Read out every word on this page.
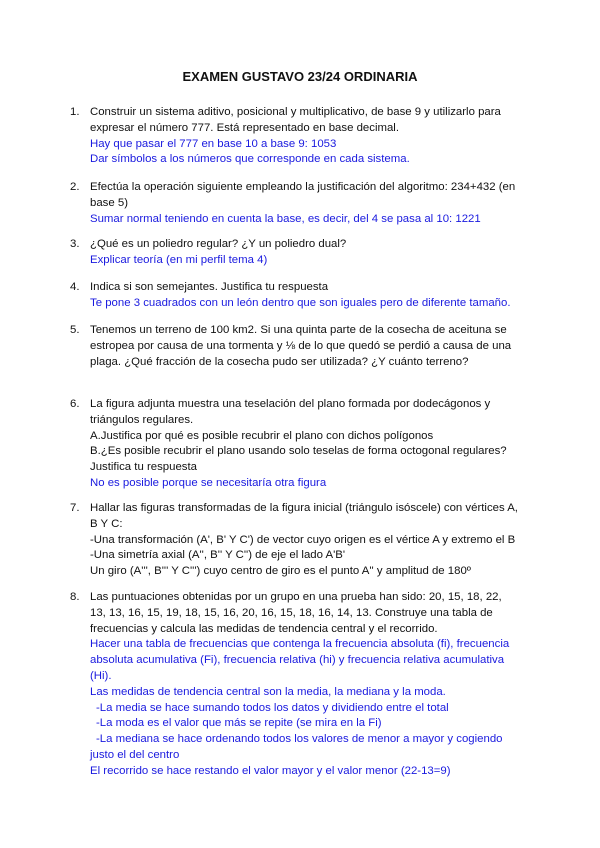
EXAMEN GUSTAVO 23/24 ORDINARIA
1. Construir un sistema aditivo, posicional y multiplicativo, de base 9 y utilizarlo para

expresar el número 777. Está representado en base decimal.

Hay que pasar el 777 en base 10 a base 9: 1053

Dar símbolos a los números que corresponde en cada sistema.

2. Efectúa la operación siguiente empleando la justificación del algoritmo: 234+432 (en

base 5)

Sumar normal teniendo en cuenta la base, es decir, del 4 se pasa al 10: 1221

3. ¿Qué es un poliedro regular? ¿Y un poliedro dual?

Explicar teoría (en mi perfil tema 4)

4. Indica si son semejantes. Justifica tu respuesta

Te pone 3 cuadrados con un león dentro que son iguales pero de diferente tamaño.

5. Tenemos un terreno de 100 km2. Si una quinta parte de la cosecha de aceituna se

estropea por causa de una tormenta y ⅛ de lo que quedó se perdió a causa de una

plaga. ¿Qué fracción de la cosecha pudo ser utilizada? ¿Y cuánto terreno?

6. La figura adjunta muestra una teselación del plano formada por dodecágonos y

triángulos regulares.

A.Justifica por qué es posible recubrir el plano con dichos polígonos

B.¿Es posible recubrir el plano usando solo teselas de forma octogonal regulares?

Justifica tu respuesta

No es posible porque se necesitaría otra figura

7. Hallar las figuras transformadas de la figura inicial (triángulo isóscele) con vértices A,

B Y C:

-Una transformación (A', B' Y C') de vector cuyo origen es el vértice A y extremo el B

-Una simetría axial (A'', B'' Y C'') de eje el lado A'B'

Un giro (A''', B''' Y C''') cuyo centro de giro es el punto A'' y amplitud de 180º

8. Las puntuaciones obtenidas por un grupo en una prueba han sido: 20, 15, 18, 22,

13, 13, 16, 15, 19, 18, 15, 16, 20, 16, 15, 18, 16, 14, 13. Construye una tabla de

frecuencias y calcula las medidas de tendencia central y el recorrido.

Hacer una tabla de frecuencias que contenga la frecuencia absoluta (fi), frecuencia

absoluta acumulativa (Fi), frecuencia relativa (hi) y frecuencia relativa acumulativa

(Hi).

Las medidas de tendencia central son la media, la mediana y la moda.

-La media se hace sumando todos los datos y dividiendo entre el total

-La moda es el valor que más se repite (se mira en la Fi)

-La mediana se hace ordenando todos los valores de menor a mayor y cogiendo

justo el del centro

El recorrido se hace restando el valor mayor y el valor menor (22-13=9)
